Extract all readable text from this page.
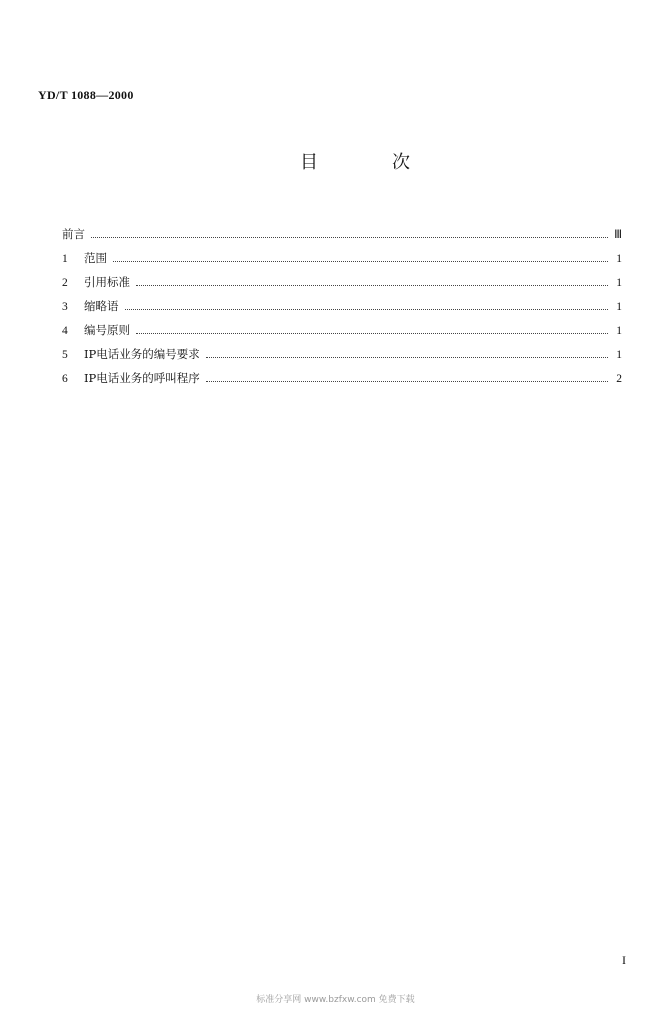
YD/T 1088—2000
目	次
前言	Ⅲ
1	范围	1
2	引用标准	1
3	缩略语	1
4	编号原则	1
5	IP电话业务的编号要求	1
6	IP电话业务的呼叫程序	2
I
标准分享网 www.bzfxw.com 免费下载
